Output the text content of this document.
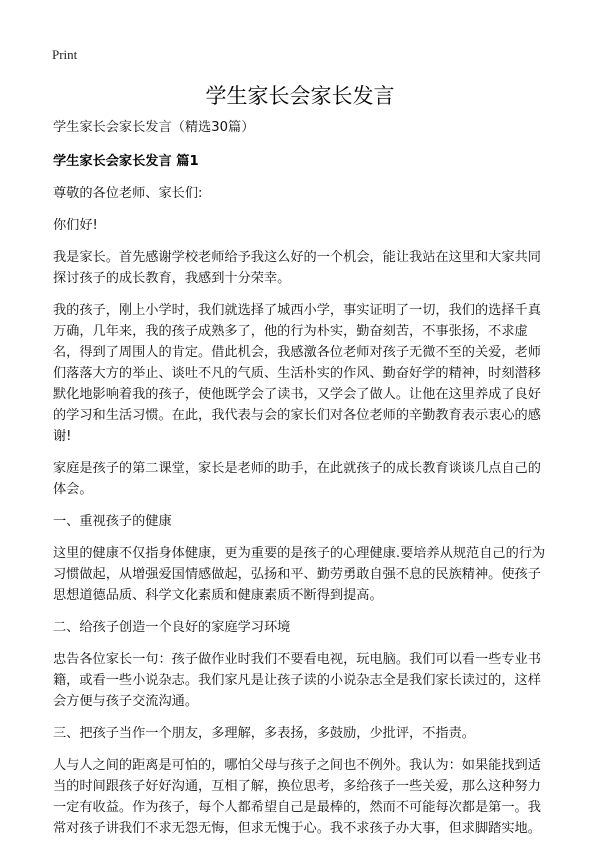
Print
学生家长会家长发言

学生家长会家长发言（精选30篇）

学生家长会家长发言 篇1

尊敬的各位老师、家长们:

你们好!

我是家长。首先感谢学校老师给予我这么好的一个机会，能让我站在这里和大家共同探讨孩子的成长教育，我感到十分荣幸。

我的孩子，刚上小学时，我们就选择了城西小学，事实证明了一切，我们的选择千真万确，几年来，我的孩子成熟多了，他的行为朴实，勤奋刻苦，不事张扬，不求虚名，得到了周围人的肯定。借此机会，我感激各位老师对孩子无微不至的关爱，老师们落落大方的举止、谈吐不凡的气质、生活朴实的作风、勤奋好学的精神，时刻潜移默化地影响着我的孩子，使他既学会了读书，又学会了做人。让他在这里养成了良好的学习和生活习惯。在此，我代表与会的家长们对各位老师的辛勤教育表示衷心的感谢!

家庭是孩子的第二课堂，家长是老师的助手，在此就孩子的成长教育谈谈几点自己的体会。

一、重视孩子的健康

这里的健康不仅指身体健康，更为重要的是孩子的心理健康.要培养从规范自己的行为习惯做起，从增强爱国情感做起，弘扬和平、勤劳勇敢自强不息的民族精神。使孩子思想道德品质、科学文化素质和健康素质不断得到提高。

二、给孩子创造一个良好的家庭学习环境

忠告各位家长一句：孩子做作业时我们不要看电视，玩电脑。我们可以看一些专业书籍，或看一些小说杂志。我们家凡是让孩子读的小说杂志全是我们家长读过的，这样会方便与孩子交流沟通。

三、把孩子当作一个朋友，多理解，多表扬，多鼓励，少批评，不指责。

人与人之间的距离是可怕的，哪怕父母与孩子之间也不例外。我认为：如果能找到适当的时间跟孩子好好沟通，互相了解，换位思考，多给孩子一些关爱，那么这种努力一定有收益。作为孩子，每个人都希望自己是最棒的，然而不可能每次都是第一。我常对孩子讲我们不求无怨无悔，但求无愧于心。我不求孩子办大事，但求脚踏实地。
